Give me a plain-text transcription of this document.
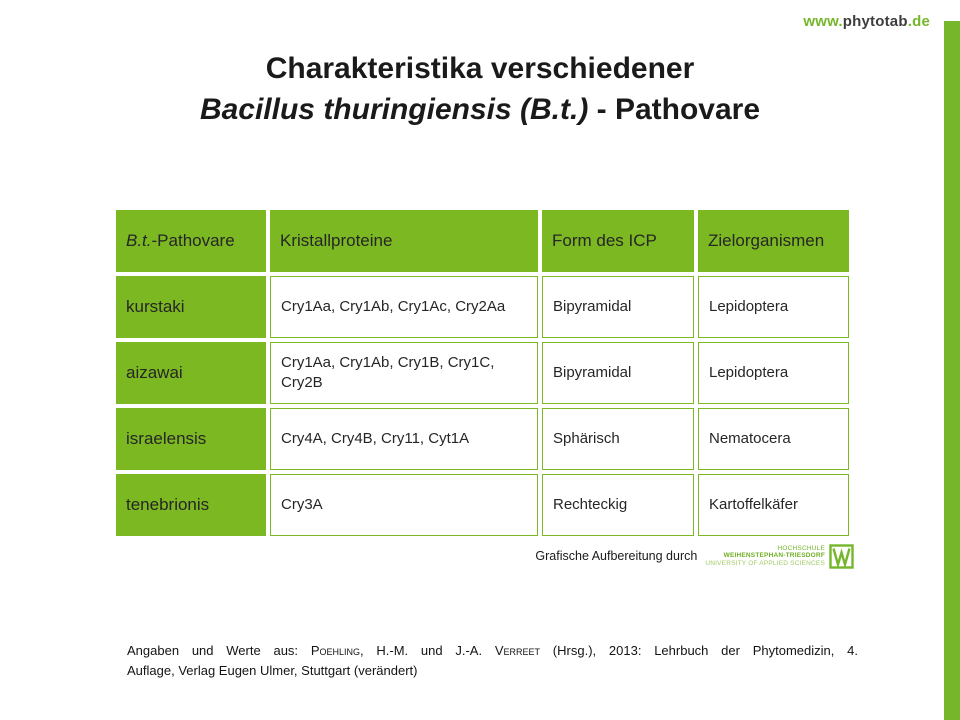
www.phytotab.de
Charakteristika verschiedener
Bacillus thuringiensis (B.t.) - Pathovare
B.t.-Pathovare	Kristallproteine	Form des ICP	Zielorganismen
kurstaki	Cry1Aa, Cry1Ab, Cry1Ac, Cry2Aa	Bipyramidal	Lepidoptera
aizawai	Cry1Aa, Cry1Ab, Cry1B, Cry1C, Cry2B	Bipyramidal	Lepidoptera
israelensis	Cry4A, Cry4B, Cry11, Cyt1A	Sphärisch	Nematocera
tenebrionis	Cry3A	Rechteckig	Kartoffelkäfer
Grafische Aufbereitung durch
HOCHSCHULE
WEIHENSTEPHAN-TRIESDORF
UNIVERSITY OF APPLIED SCIENCES
Angaben und Werte aus: Poehling, H.-M. und J.-A. Verreet (Hrsg.), 2013: Lehrbuch der Phytomedizin, 4.
Auflage, Verlag Eugen Ulmer, Stuttgart (verändert)
